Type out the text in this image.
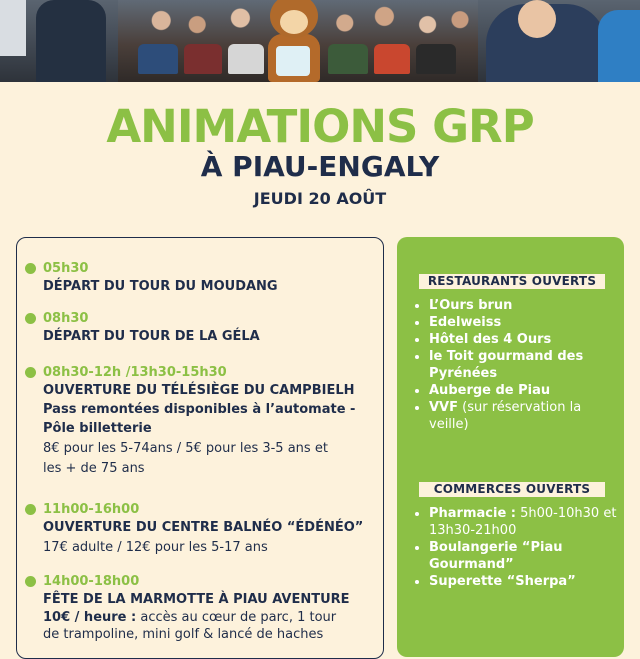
ANIMATIONS GRP
À PIAU-ENGALY
JEUDI 20 AOÛT
05h30
DÉPART DU TOUR DU MOUDANG
08h30
DÉPART DU TOUR DE LA GÉLA
08h30-12h /13h30-15h30
OUVERTURE DU TÉLÉSIÈGE DU CAMPBIELH
Pass remontées disponibles à l’automate -
Pôle billetterie
8€ pour les 5-74ans / 5€ pour les 3-5 ans et
les + de 75 ans
11h00-16h00
OUVERTURE DU CENTRE BALNÉO “ÉDÉNÉO”
17€ adulte / 12€ pour les 5-17 ans
14h00-18h00
FÊTE DE LA MARMOTTE À PIAU AVENTURE
10€ / heure : accès au cœur de parc, 1 tour
de trampoline, mini golf & lancé de haches
RESTAURANTS OUVERTS
• L’Ours brun
• Edelweiss
• Hôtel des 4 Ours
• le Toit gourmand des Pyrénées
• Auberge de Piau
• VVF (sur réservation la veille)
COMMERCES OUVERTS
• Pharmacie : 5h00-10h30 et 13h30-21h00
• Boulangerie “Piau Gourmand”
• Superette “Sherpa”
